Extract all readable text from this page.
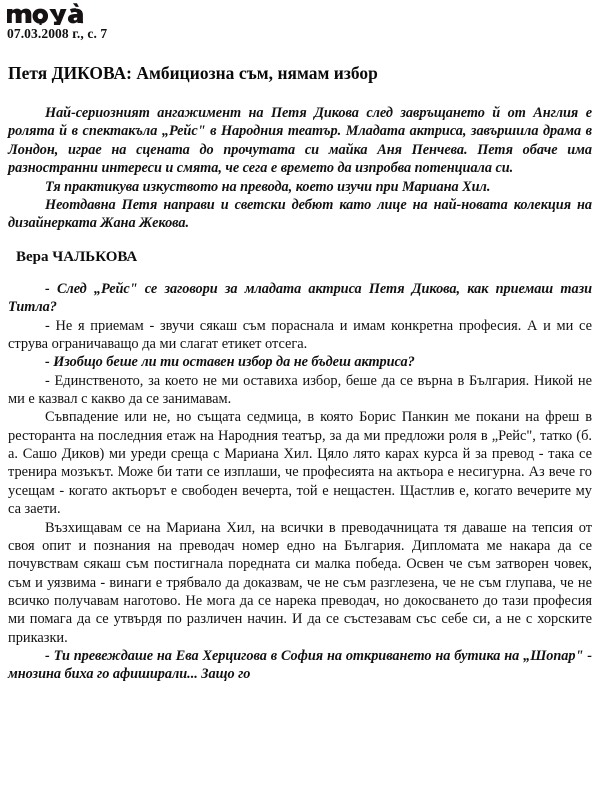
07.03.2008 г., с. 7
Петя ДИКОВА: Амбициозна съм, нямам избор

Най-сериозният ангажимент на Петя Дикова след завръщането й от Англия е ролята й в спектакъла „Рейс" в Народния театър. Младата актриса, завършила драма в Лондон, играе на сцената до прочутата си майка Аня Пенчева. Петя обаче има разностранни интереси и смята, че сега е времето да изпробва потенциала си.

Тя практикува изкуството на превода, което изучи при Мариана Хил.

Неотдавна Петя направи и светски дебют като лице на най-новата колекция на дизайнерката Жана Жекова.

Вера ЧАЛЬКОВА

- След „Рейс" се заговори за младата актриса Петя Дикова, как приемаш тази Титла?

- Не я приемам - звучи сякаш съм пораснала и имам конкретна професия. А и ми се струва ограничаващо да ми слагат етикет отсега.

- Изобщо беше ли ти оставен избор да не бъдеш актриса?

- Единственото, за което не ми оставиха избор, беше да се върна в България. Никой не ми е казвал с какво да се занимавам.

Съвпадение или не, но същата седмица, в която Борис Панкин ме покани на фреш в ресторанта на последния етаж на Народния театър, за да ми предложи роля в „Рейс", татко (б. а. Сашо Диков) ми уреди среща с Мариана Хил. Цяло лято карах курса й за превод - така се тренира мозъкът. Може би тати се изплаши, че професията на актьора е несигурна. Аз вече го усещам - когато актьорът е свободен вечерта, той е нещастен. Щастлив е, когато вечерите му са заети.

Възхищавам се на Мариана Хил, на всички в преводачницата тя даваше на тепсия от своя опит и познания на преводач номер едно на България. Дипломата ме накара да се почувствам сякаш съм постигнала поредната си малка победа. Освен че съм затворен човек, съм и уязвима - винаги е трябвало да доказвам, че не съм разглезена, че не съм глупава, че не всичко получавам наготово. Не мога да се нарека преводач, но докосването до тази професия ми помага да се утвърдя по различен начин. И да се състезавам със себе си, а не с хорските приказки.

- Ти превеждаше на Ева Херцигова в София на откриването на бутика на „Шопар" - мнозина биха го афиширали... Защо го
